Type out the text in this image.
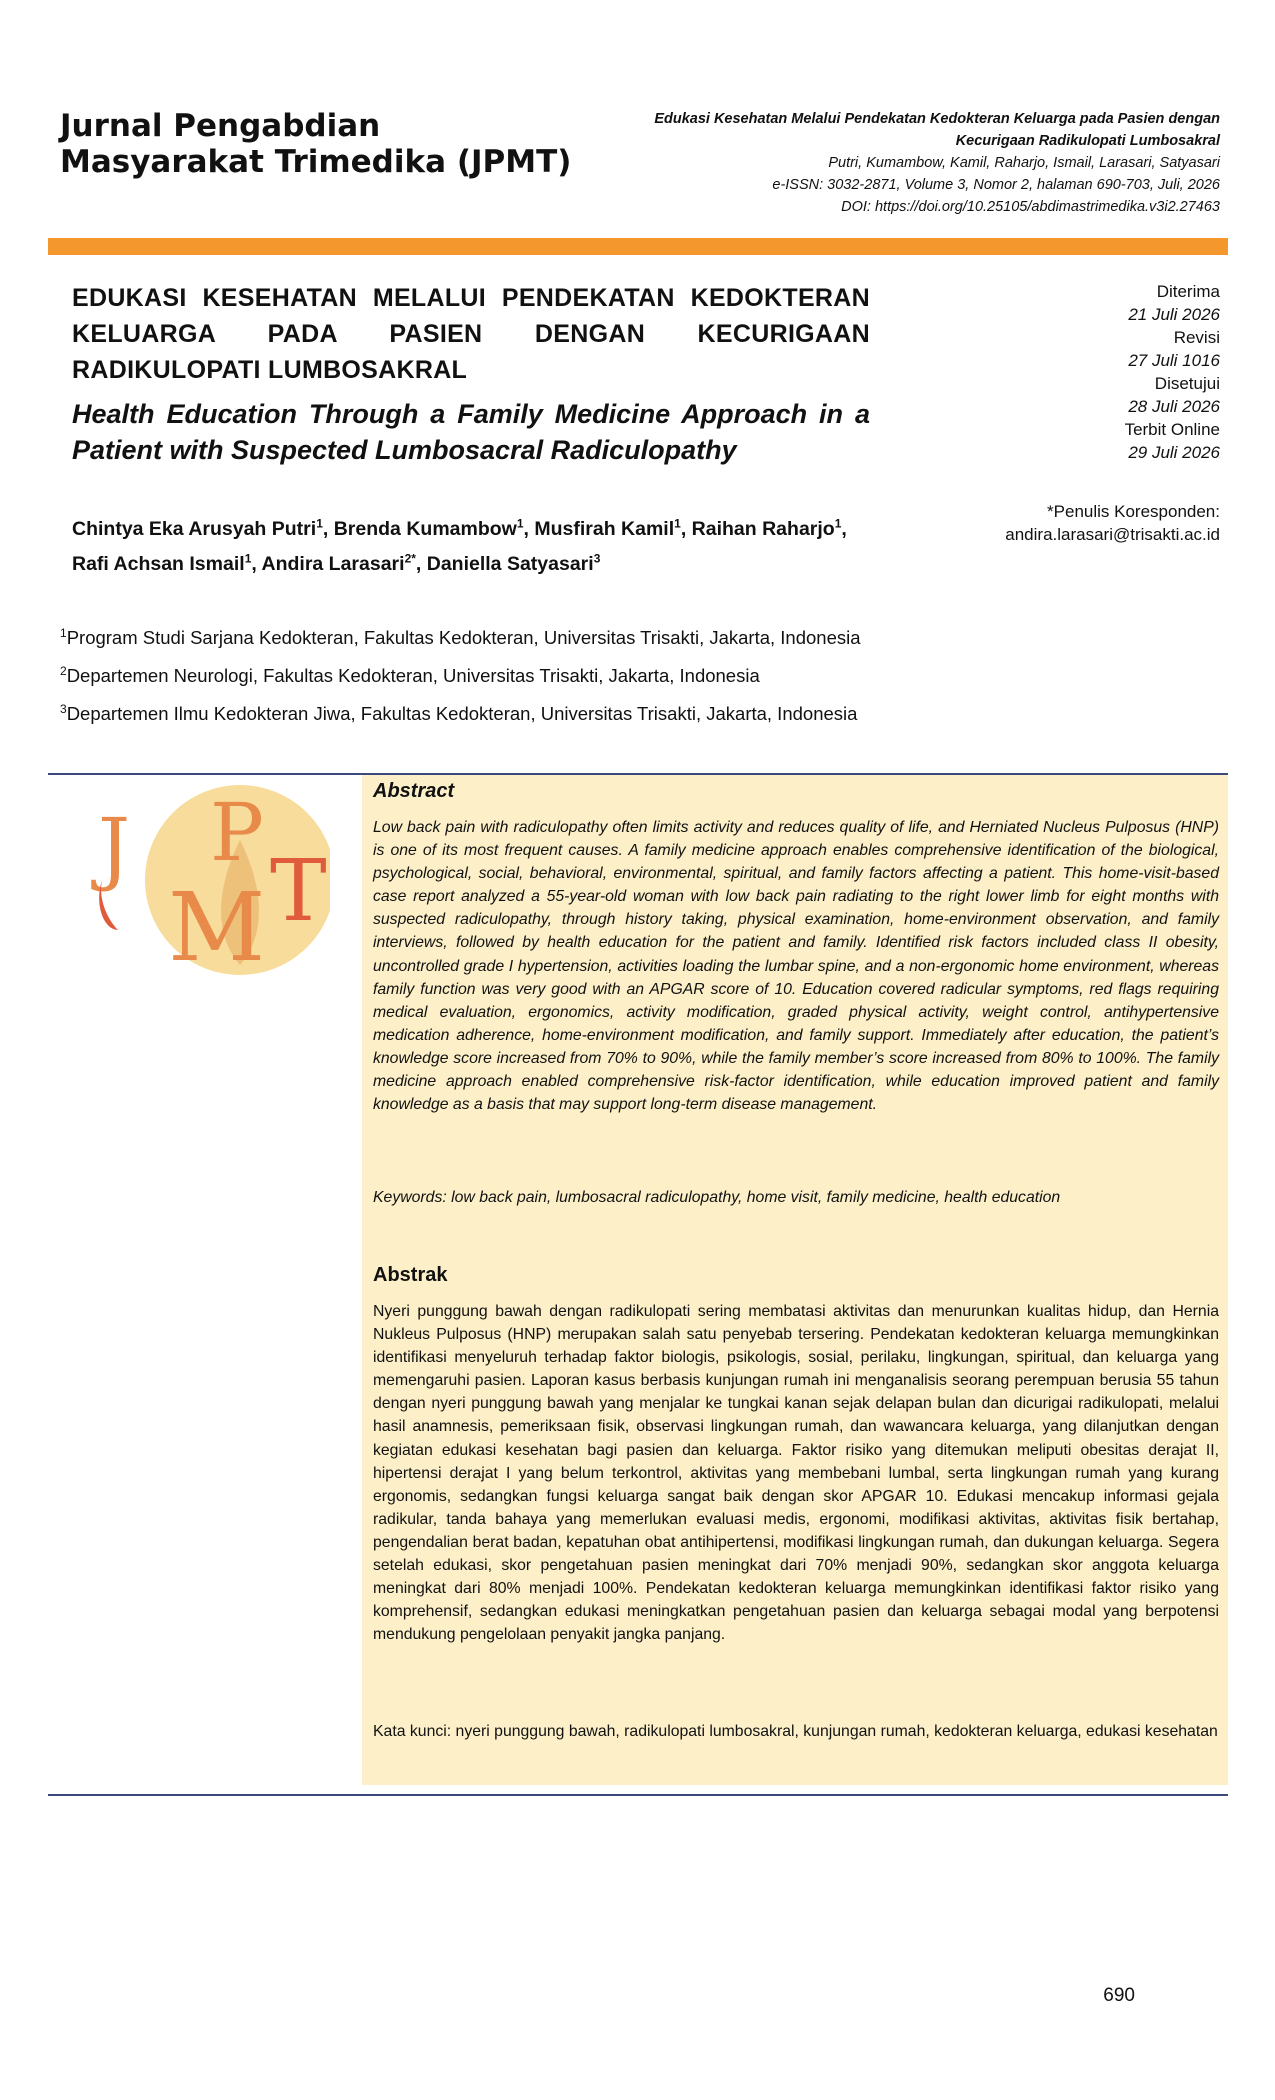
Jurnal Pengabdian Masyarakat Trimedika (JPMT)
Edukasi Kesehatan Melalui Pendekatan Kedokteran Keluarga pada Pasien dengan Kecurigaan Radikulopati Lumbosakral
Putri, Kumambow, Kamil, Raharjo, Ismail, Larasari, Satyasari
e-ISSN: 3032-2871, Volume 3, Nomor 2, halaman 690-703, Juli, 2026
DOI: https://doi.org/10.25105/abdimastrimedika.v3i2.27463
EDUKASI KESEHATAN MELALUI PENDEKATAN KEDOKTERAN KELUARGA PADA PASIEN DENGAN KECURIGAAN RADIKULOPATI LUMBOSAKRAL
Health Education Through a Family Medicine Approach in a Patient with Suspected Lumbosacral Radiculopathy
Diterima
21 Juli 2026
Revisi
27 Juli 1016
Disetujui
28 Juli 2026
Terbit Online
29 Juli 2026
Chintya Eka Arusyah Putri$^1$, Brenda Kumambow$^1$, Musfirah Kamil$^1$, Raihan Raharjo$^1$,
Rafi Achsan Ismail$^1$, Andira Larasari$^{2*}$, Daniella Satyasari$^3$
*Penulis Koresponden:
andira.larasari@trisakti.ac.id
$^1$Program Studi Sarjana Kedokteran, Fakultas Kedokteran, Universitas Trisakti, Jakarta, Indonesia
$^2$Departemen Neurologi, Fakultas Kedokteran, Universitas Trisakti, Jakarta, Indonesia
$^3$Departemen Ilmu Kedokteran Jiwa, Fakultas Kedokteran, Universitas Trisakti, Jakarta, Indonesia
J P
M T
Abstract
Low back pain with radiculopathy often limits activity and reduces quality of life, and Herniated Nucleus Pulposus (HNP) is one of its most frequent causes. A family medicine approach enables comprehensive identification of the biological, psychological, social, behavioral, environmental, spiritual, and family factors affecting a patient. This home-visit-based case report analyzed a 55-year-old woman with low back pain radiating to the right lower limb for eight months with suspected radiculopathy, through history taking, physical examination, home-environment observation, and family interviews, followed by health education for the patient and family. Identified risk factors included class II obesity, uncontrolled grade I hypertension, activities loading the lumbar spine, and a non-ergonomic home environment, whereas family function was very good with an APGAR score of 10. Education covered radicular symptoms, red flags requiring medical evaluation, ergonomics, activity modification, graded physical activity, weight control, antihypertensive medication adherence, home-environment modification, and family support. Immediately after education, the patient’s knowledge score increased from 70% to 90%, while the family member’s score increased from 80% to 100%. The family medicine approach enabled comprehensive risk-factor identification, while education improved patient and family knowledge as a basis that may support long-term disease management.
Keywords: low back pain, lumbosacral radiculopathy, home visit, family medicine, health education
Abstrak
Nyeri punggung bawah dengan radikulopati sering membatasi aktivitas dan menurunkan kualitas hidup, dan Hernia Nukleus Pulposus (HNP) merupakan salah satu penyebab tersering. Pendekatan kedokteran keluarga memungkinkan identifikasi menyeluruh terhadap faktor biologis, psikologis, sosial, perilaku, lingkungan, spiritual, dan keluarga yang memengaruhi pasien. Laporan kasus berbasis kunjungan rumah ini menganalisis seorang perempuan berusia 55 tahun dengan nyeri punggung bawah yang menjalar ke tungkai kanan sejak delapan bulan dan dicurigai radikulopati, melalui hasil anamnesis, pemeriksaan fisik, observasi lingkungan rumah, dan wawancara keluarga, yang dilanjutkan dengan kegiatan edukasi kesehatan bagi pasien dan keluarga. Faktor risiko yang ditemukan meliputi obesitas derajat II, hipertensi derajat I yang belum terkontrol, aktivitas yang membebani lumbal, serta lingkungan rumah yang kurang ergonomis, sedangkan fungsi keluarga sangat baik dengan skor APGAR 10. Edukasi mencakup informasi gejala radikular, tanda bahaya yang memerlukan evaluasi medis, ergonomi, modifikasi aktivitas, aktivitas fisik bertahap, pengendalian berat badan, kepatuhan obat antihipertensi, modifikasi lingkungan rumah, dan dukungan keluarga. Segera setelah edukasi, skor pengetahuan pasien meningkat dari 70% menjadi 90%, sedangkan skor anggota keluarga meningkat dari 80% menjadi 100%. Pendekatan kedokteran keluarga memungkinkan identifikasi faktor risiko yang komprehensif, sedangkan edukasi meningkatkan pengetahuan pasien dan keluarga sebagai modal yang berpotensi mendukung pengelolaan penyakit jangka panjang.
Kata kunci: nyeri punggung bawah, radikulopati lumbosakral, kunjungan rumah, kedokteran keluarga, edukasi kesehatan
690
